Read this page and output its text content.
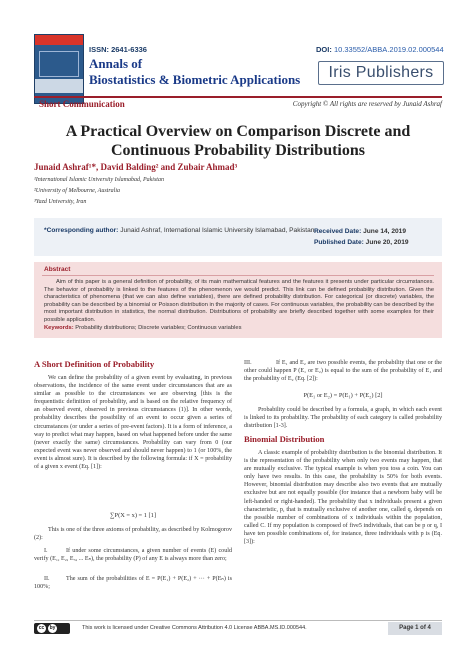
ISSN: 2641-6336	DOI: 10.33552/ABBA.2019.02.000544
Annals of
Biostatistics & Biometric Applications	Iris Publishers
Short Communication	Copyright © All rights are reserved by Junaid Ashraf
A Practical Overview on Comparison Discrete and
Continuous Probability Distributions
Junaid Ashraf¹*, David Balding² and Zubair Ahmad³
¹International Islamic University Islamabad, Pakistan
²University of Melbourne, Australia
³Yazd University, Iran
*Corresponding author: Junaid Ashraf, International Islamic University Islamabad, Pakistan.
Received Date: June 14, 2019
Published Date: June 20, 2019
Abstract
Aim of this paper is a general definition of probability, of its main mathematical features and the features it presents under particular circumstances. The behavior of probability is linked to the features of the phenomenon we would predict. This link can be defined probability distribution. Given the characteristics of phenomena (that we can also define variables), there are defined probability distribution. For categorical (or discrete) variables, the probability can be described by a binomial or Poisson distribution in the majority of cases. For continuous variables, the probability can be described by the most important distribution in statistics, the normal distribution. Distributions of probability are briefly described together with some examples for their possible application.
Keywords: Probability distributions; Discrete variables; Continuous variables
A Short Definition of Probability
We can define the probability of a given event by evaluating, in previous observations, the incidence of the same event under circumstances that are as similar as possible to the circumstances we are observing [this is the frequentistic definition of probability, and is based on the relative frequency of an observed event, observed in previous circumstances (1)]. In other words, probability describes the possibility of an event to occur given a series of circumstances (or under a series of pre-event factors). It is a form of inference, a way to predict what may happen, based on what happened before under the same (never exactly the same) circumstances. Probability can vary from 0 (our expected event was never observed and should never happen) to 1 (or 100%, the event is almost sure). It is described by the following formula: if X = probability of a given x event (Eq. [1]):
∑P(X = x) = 1 [1]
This is one of the three axioms of probability, as described by Kolmogorov (2):
I.	If under some circumstances, a given number of events (E) could verify (E₁, E₂, E₃, ... Eₙ), the probability (P) of any E is always more than zero;
II.	The sum of the probabilities of E = P(E₁) + P(E₂) + ··· + P(Eₙ) is 100%;
III.	If E₁ and E₂ are two possible events, the probability that one or the other could happen P (E₁ or E₂) is equal to the sum of the probability of E₁ and the probability of E₂ (Eq. [2]):
P(E₁ or E₂) = P(E₁) + P(E₂) [2]
Probability could be described by a formula, a graph, in which each event is linked to its probability. The probability of each category is called probability distribution [1-3].
Binomial Distribution
A classic example of probability distribution is the binomial distribution. It is the representation of the probability when only two events may happen, that are mutually exclusive. The typical example is when you toss a coin. You can only have two results. In this case, the probability is 50% for both events. However, binomial distribution may describe also two events that are mutually exclusive but are not equally possible (for instance that a newborn baby will be left-handed or right-handed). The probability that x individuals present a given characteristic, p, that is mutually exclusive of another one, called q, depends on the possible number of combinations of x individuals within the population, called C. If my population is composed of five5 individuals, that can be p or q, I have ten possible combinations of, for instance, three individuals with p is (Eq. [3]):
cc	by	This work is licensed under Creative Commons Attribution 4.0 License ABBA.MS.ID.000544.	Page 1 of 4
